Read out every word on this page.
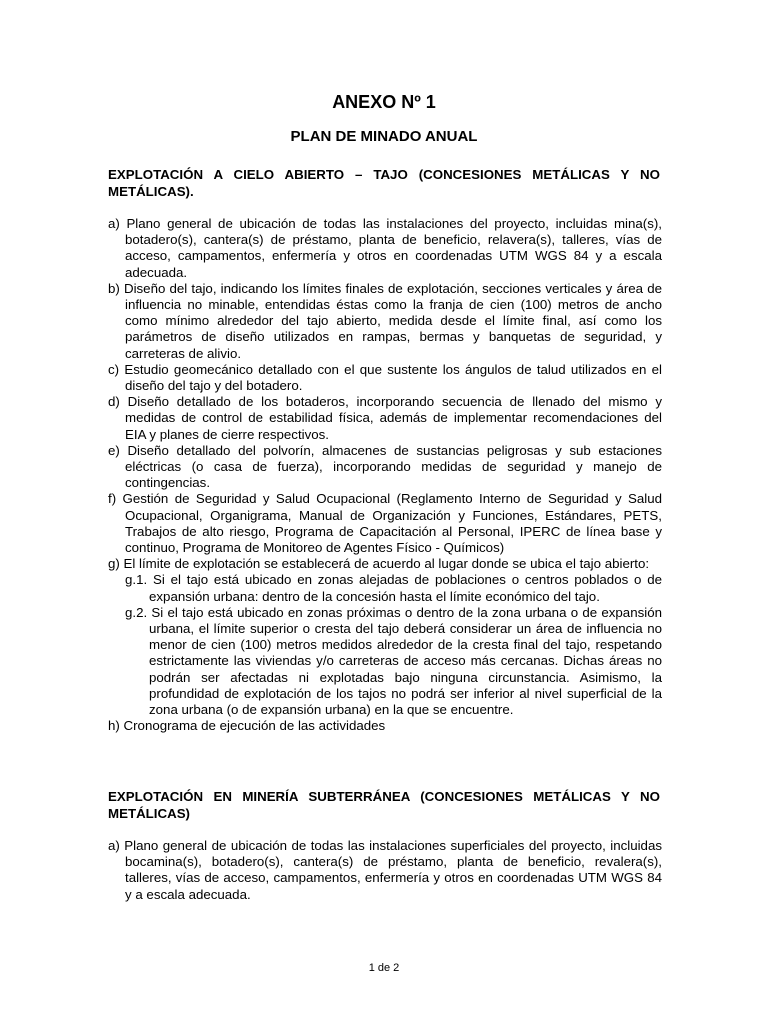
ANEXO Nº 1
PLAN DE MINADO ANUAL
EXPLOTACIÓN A CIELO ABIERTO – TAJO (CONCESIONES METÁLICAS Y NO METÁLICAS).

a) Plano general de ubicación de todas las instalaciones del proyecto, incluidas mina(s), botadero(s), cantera(s) de préstamo, planta de beneficio, relavera(s), talleres, vías de acceso, campamentos, enfermería y otros en coordenadas UTM WGS 84 y a escala adecuada.

b) Diseño del tajo, indicando los límites finales de explotación, secciones verticales y área de influencia no minable, entendidas éstas como la franja de cien (100) metros de ancho como mínimo alrededor del tajo abierto, medida desde el límite final, así como los parámetros de diseño utilizados en rampas, bermas y banquetas de seguridad, y carreteras de alivio.

c) Estudio geomecánico detallado con el que sustente los ángulos de talud utilizados en el diseño del tajo y del botadero.

d) Diseño detallado de los botaderos, incorporando secuencia de llenado del mismo y medidas de control de estabilidad física, además de implementar recomendaciones del EIA y planes de cierre respectivos.

e) Diseño detallado del polvorín, almacenes de sustancias peligrosas y sub estaciones eléctricas (o casa de fuerza), incorporando medidas de seguridad y manejo de contingencias.

f) Gestión de Seguridad y Salud Ocupacional (Reglamento Interno de Seguridad y Salud Ocupacional, Organigrama, Manual de Organización y Funciones, Estándares, PETS, Trabajos de alto riesgo, Programa de Capacitación al Personal, IPERC de línea base y continuo, Programa de Monitoreo de Agentes Físico - Químicos)

g) El límite de explotación se establecerá de acuerdo al lugar donde se ubica el tajo abierto:

g.1. Si el tajo está ubicado en zonas alejadas de poblaciones o centros poblados o de expansión urbana: dentro de la concesión hasta el límite económico del tajo.

g.2. Si el tajo está ubicado en zonas próximas o dentro de la zona urbana o de expansión urbana, el límite superior o cresta del tajo deberá considerar un área de influencia no menor de cien (100) metros medidos alrededor de la cresta final del tajo, respetando estrictamente las viviendas y/o carreteras de acceso más cercanas. Dichas áreas no podrán ser afectadas ni explotadas bajo ninguna circunstancia. Asimismo, la profundidad de explotación de los tajos no podrá ser inferior al nivel superficial de la zona urbana (o de expansión urbana) en la que se encuentre.

h) Cronograma de ejecución de las actividades

EXPLOTACIÓN EN MINERÍA SUBTERRÁNEA (CONCESIONES METÁLICAS Y NO METÁLICAS)

a) Plano general de ubicación de todas las instalaciones superficiales del proyecto, incluidas bocamina(s), botadero(s), cantera(s) de préstamo, planta de beneficio, revalera(s), talleres, vías de acceso, campamentos, enfermería y otros en coordenadas UTM WGS 84 y a escala adecuada.

1 de 2
